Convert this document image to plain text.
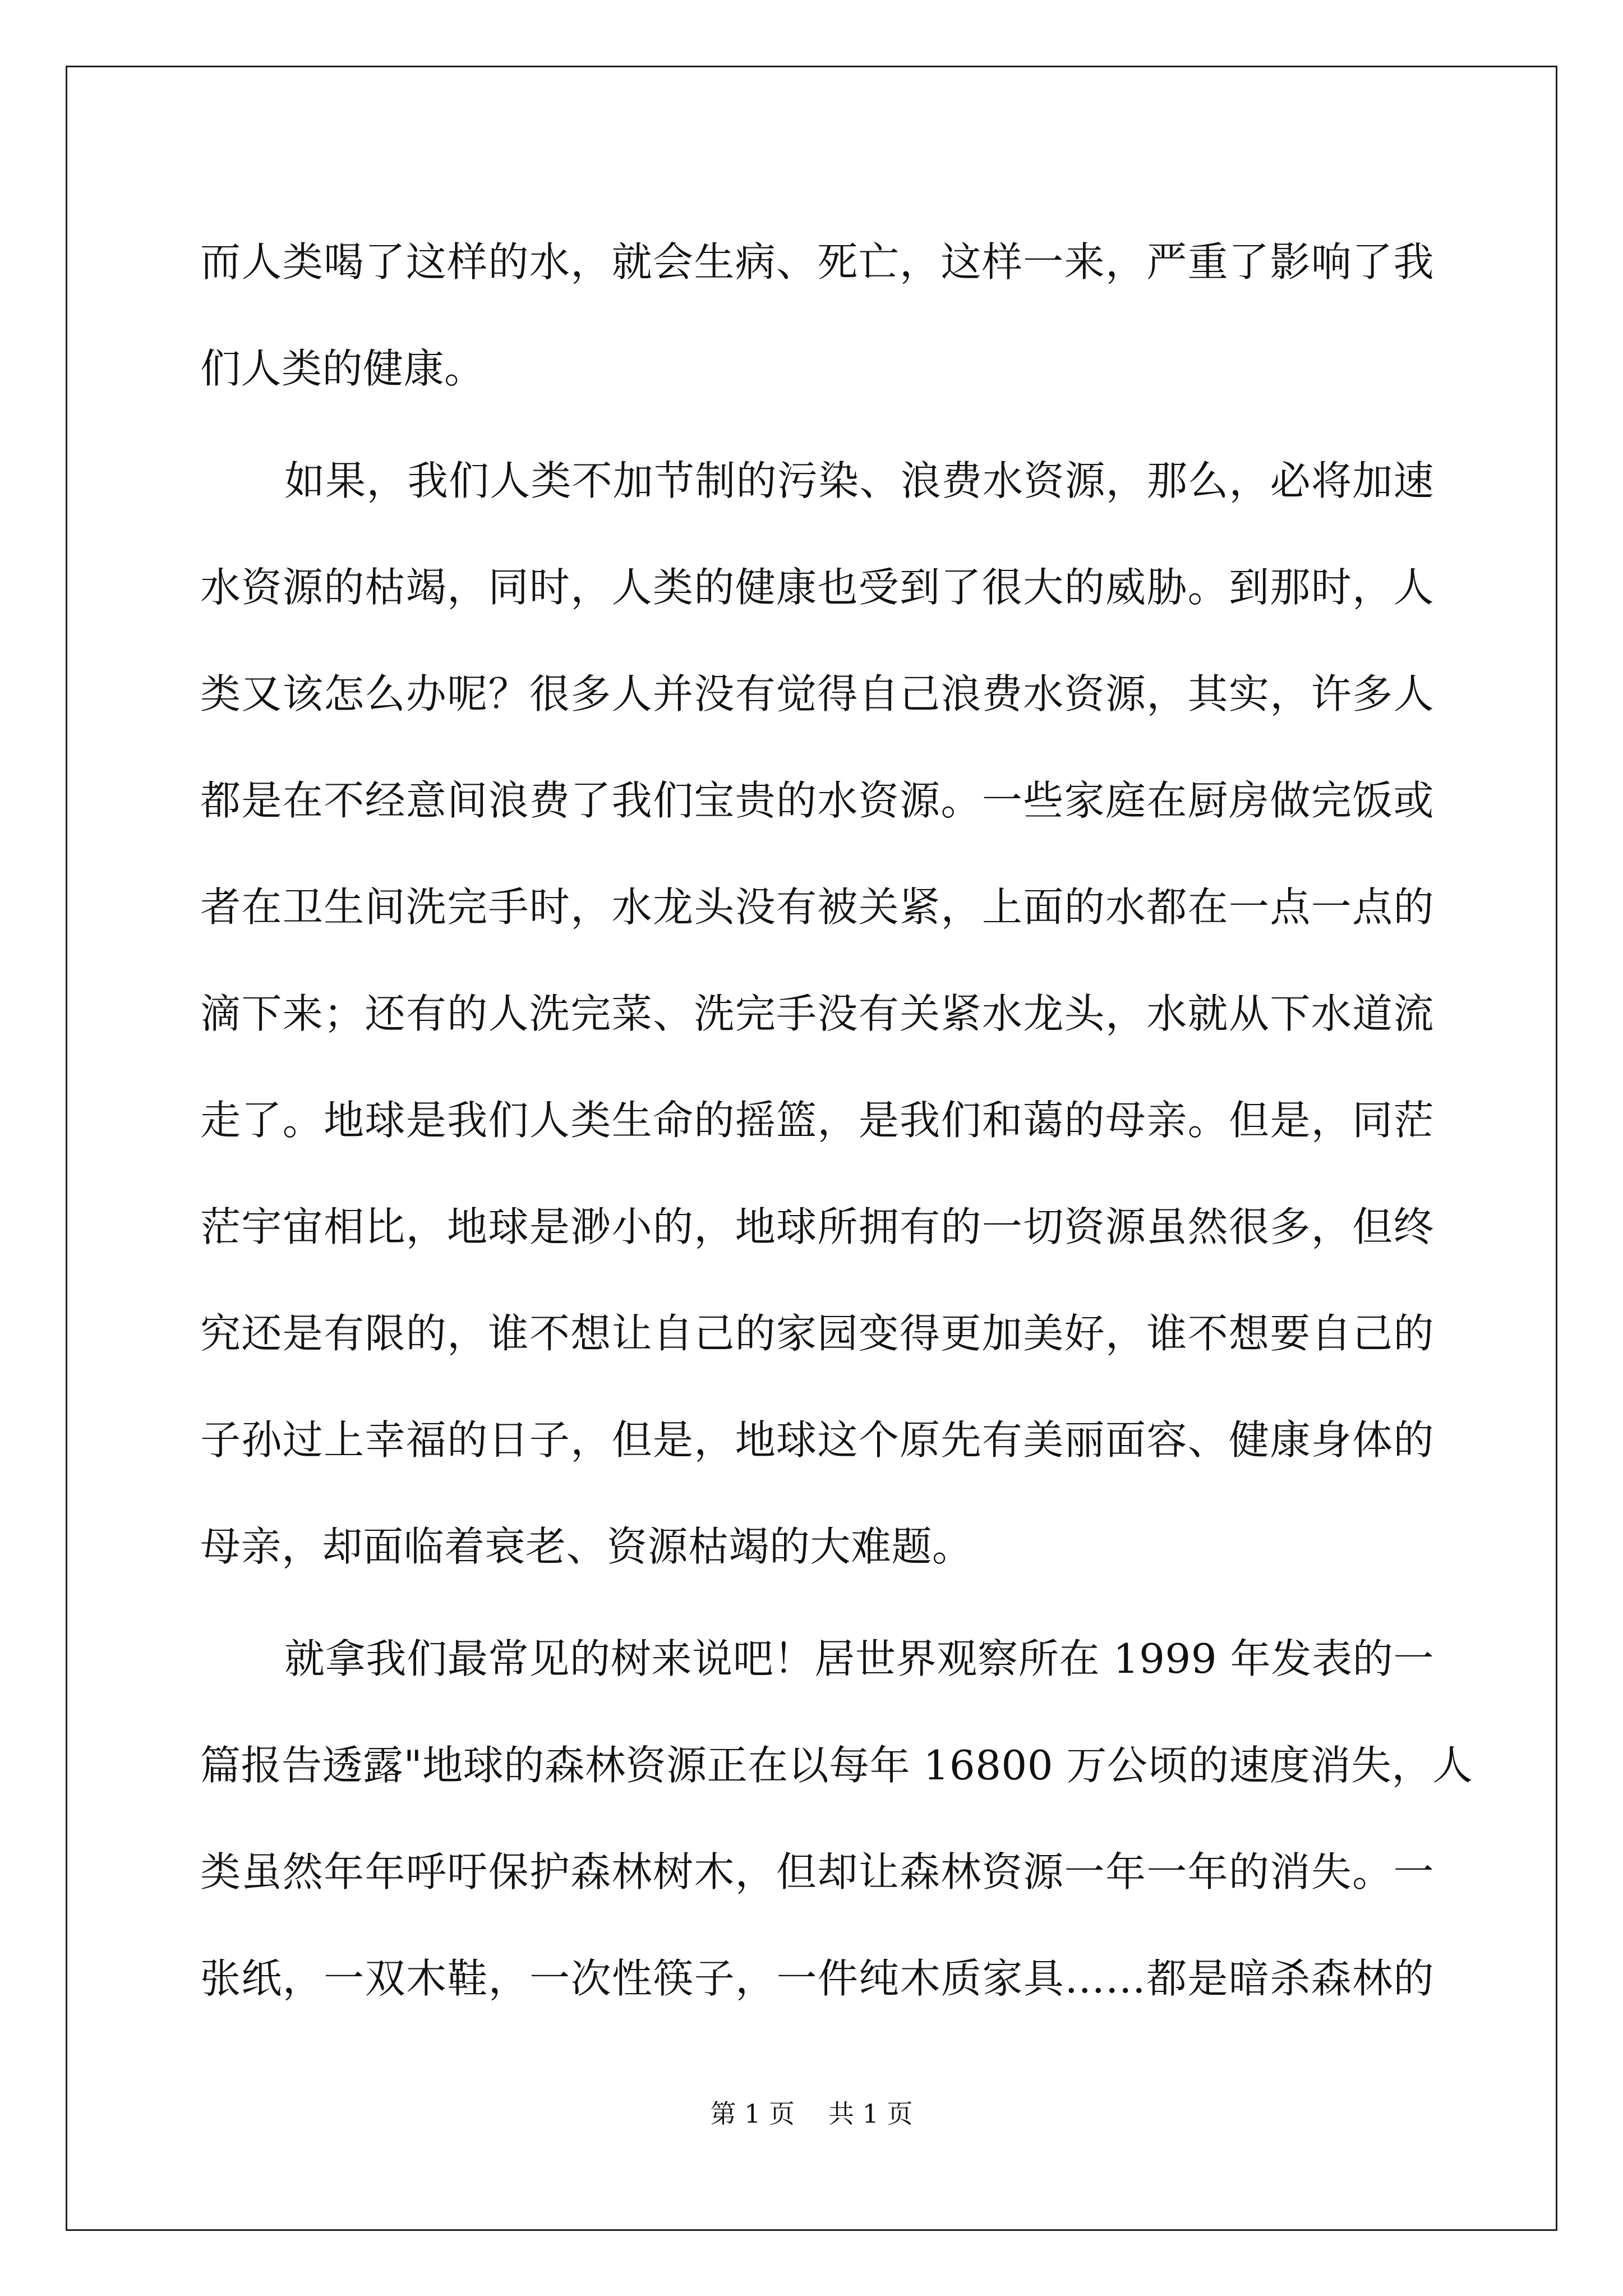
而人类喝了这样的水，就会生病、死亡，这样一来，严重了影响了我
们人类的健康。
如果，我们人类不加节制的污染、浪费水资源，那么，必将加速
水资源的枯竭，同时，人类的健康也受到了很大的威胁。到那时，人
类又该怎么办呢？很多人并没有觉得自己浪费水资源，其实，许多人
都是在不经意间浪费了我们宝贵的水资源。一些家庭在厨房做完饭或
者在卫生间洗完手时，水龙头没有被关紧，上面的水都在一点一点的
滴下来；还有的人洗完菜、洗完手没有关紧水龙头，水就从下水道流
走了。地球是我们人类生命的摇篮，是我们和蔼的母亲。但是，同茫
茫宇宙相比，地球是渺小的，地球所拥有的一切资源虽然很多，但终
究还是有限的，谁不想让自己的家园变得更加美好，谁不想要自己的
子孙过上幸福的日子，但是，地球这个原先有美丽面容、健康身体的
母亲，却面临着衰老、资源枯竭的大难题。
就拿我们最常见的树来说吧！居世界观察所在 1999 年发表的一
篇报告透露"地球的森林资源正在以每年 16800 万公顷的速度消失，人
类虽然年年呼吁保护森林树木，但却让森林资源一年一年的消失。一
张纸，一双木鞋，一次性筷子，一件纯木质家具……都是暗杀森林的
第 1 页 共 1 页
